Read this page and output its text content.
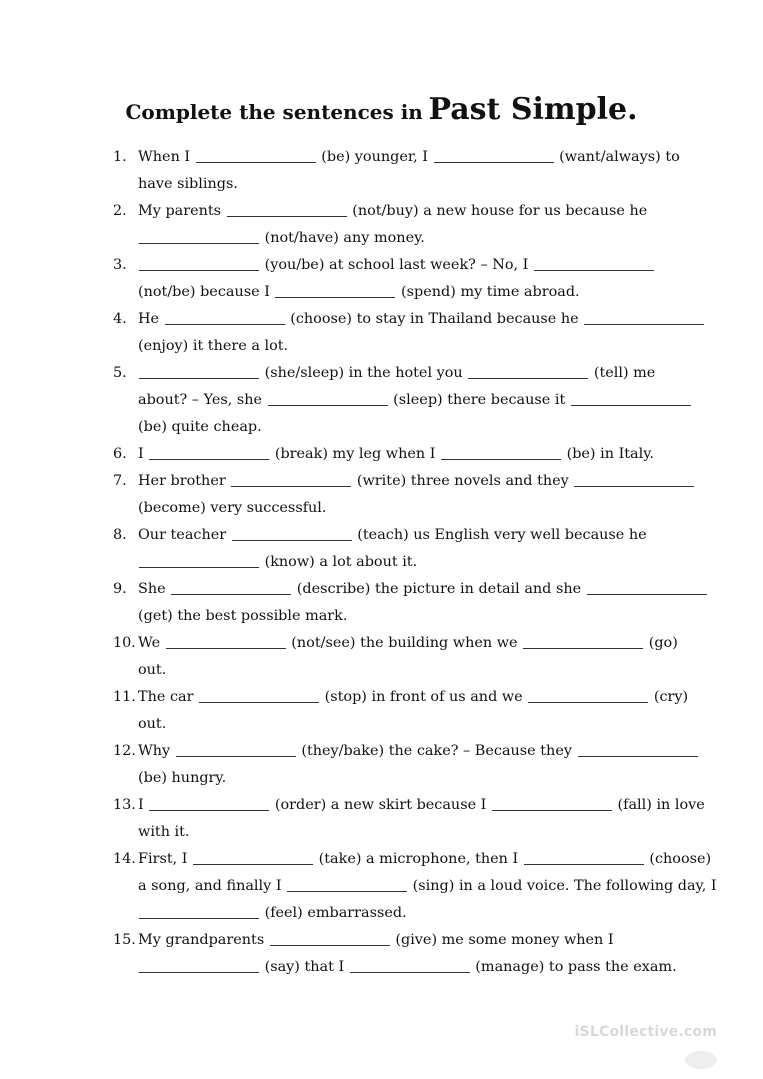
Complete the sentences in Past Simple.
1. When I	(be) younger, I	(want/always) to
have siblings.
2. My parents	(not/buy) a new house for us because he
(not/have) any money.
3.	(you/be) at school last week? – No, I
(not/be) because I	(spend) my time abroad.
4. He	(choose) to stay in Thailand because he
(enjoy) it there a lot.
5.	(she/sleep) in the hotel you	(tell) me
about? – Yes, she	(sleep) there because it
(be) quite cheap.
6. I	(break) my leg when I	(be) in Italy.
7. Her brother	(write) three novels and they
(become) very successful.
8. Our teacher	(teach) us English very well because he
(know) a lot about it.
9. She	(describe) the picture in detail and she
(get) the best possible mark.
10. We	(not/see) the building when we	(go)
out.
11. The car	(stop) in front of us and we	(cry)
out.
12. Why	(they/bake) the cake? – Because they
(be) hungry.
13. I	(order) a new skirt because I	(fall) in love
with it.
14. First, I	(take) a microphone, then I	(choose)
a song, and finally I	(sing) in a loud voice. The following day, I
(feel) embarrassed.
15. My grandparents	(give) me some money when I
(say) that I	(manage) to pass the exam.
iSLCollective.com
